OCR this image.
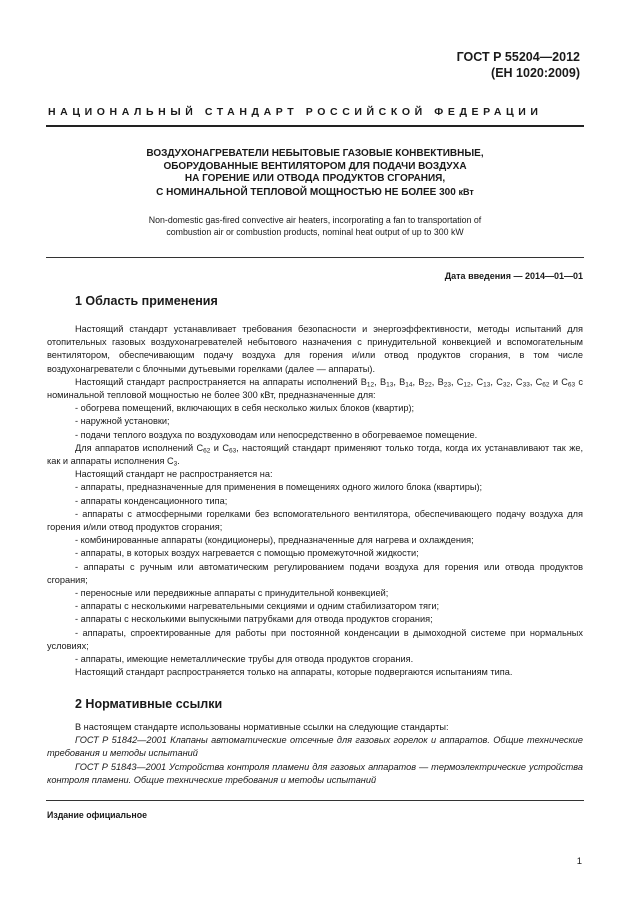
ГОСТ Р 55204—2012
(ЕН 1020:2009)
НАЦИОНАЛЬНЫЙ СТАНДАРТ РОССИЙСКОЙ ФЕДЕРАЦИИ
ВОЗДУХОНАГРЕВАТЕЛИ НЕБЫТОВЫЕ ГАЗОВЫЕ КОНВЕКТИВНЫЕ,
ОБОРУДОВАННЫЕ ВЕНТИЛЯТОРОМ ДЛЯ ПОДАЧИ ВОЗДУХА
НА ГОРЕНИЕ ИЛИ ОТВОДА ПРОДУКТОВ СГОРАНИЯ,
С НОМИНАЛЬНОЙ ТЕПЛОВОЙ МОЩНОСТЬЮ НЕ БОЛЕЕ 300 кВт
Non-domestic gas-fired convective air heaters, incorporating a fan to transportation of
combustion air or combustion products, nominal heat output of up to 300 kW
Дата введения — 2014—01—01
1 Область применения

Настоящий стандарт устанавливает требования безопасности и энергоэффективности, методы испытаний для отопительных газовых воздухонагревателей небытового назначения с принудительной конвекцией и вспомогательным вентилятором, обеспечивающим подачу воздуха для горения и/или отвод продуктов сгорания, в том числе воздухонагреватели с блочными дутьевыми горелками (далее — аппараты).

Настоящий стандарт распространяется на аппараты исполнений $В_{12}$, $В_{13}$, $В_{14}$, $В_{22}$, $В_{23}$, $С_{12}$, $С_{13}$, $С_{32}$, $С_{33}$, $С_{62}$ и $С_{63}$ с номинальной тепловой мощностью не более 300 кВт, предназначенные для:

- обогрева помещений, включающих в себя несколько жилых блоков (квартир);

- наружной установки;

- подачи теплого воздуха по воздуховодам или непосредственно в обогреваемое помещение.

Для аппаратов исполнений $С_{62}$ и $С_{63}$, настоящий стандарт применяют только тогда, когда их устанавливают так же, как и аппараты исполнения $С_3$.

Настоящий стандарт не распространяется на:

- аппараты, предназначенные для применения в помещениях одного жилого блока (квартиры);

- аппараты конденсационного типа;

- аппараты с атмосферными горелками без вспомогательного вентилятора, обеспечивающего подачу воздуха для горения и/или отвод продуктов сгорания;

- комбинированные аппараты (кондиционеры), предназначенные для нагрева и охлаждения;

- аппараты, в которых воздух нагревается с помощью промежуточной жидкости;

- аппараты с ручным или автоматическим регулированием подачи воздуха для горения или отвода продуктов сгорания;

- переносные или передвижные аппараты с принудительной конвекцией;

- аппараты с несколькими нагревательными секциями и одним стабилизатором тяги;

- аппараты с несколькими выпускными патрубками для отвода продуктов сгорания;

- аппараты, спроектированные для работы при постоянной конденсации в дымоходной системе при нормальных условиях;

- аппараты, имеющие неметаллические трубы для отвода продуктов сгорания.

Настоящий стандарт распространяется только на аппараты, которые подвергаются испытаниям типа.

2 Нормативные ссылки

В настоящем стандарте использованы нормативные ссылки на следующие стандарты:

ГОСТ Р 51842—2001 Клапаны автоматические отсечные для газовых горелок и аппаратов. Общие технические требования и методы испытаний

ГОСТ Р 51843—2001 Устройства контроля пламени для газовых аппаратов — термоэлектрические устройства контроля пламени. Общие технические требования и методы испытаний

Издание официальное
1
